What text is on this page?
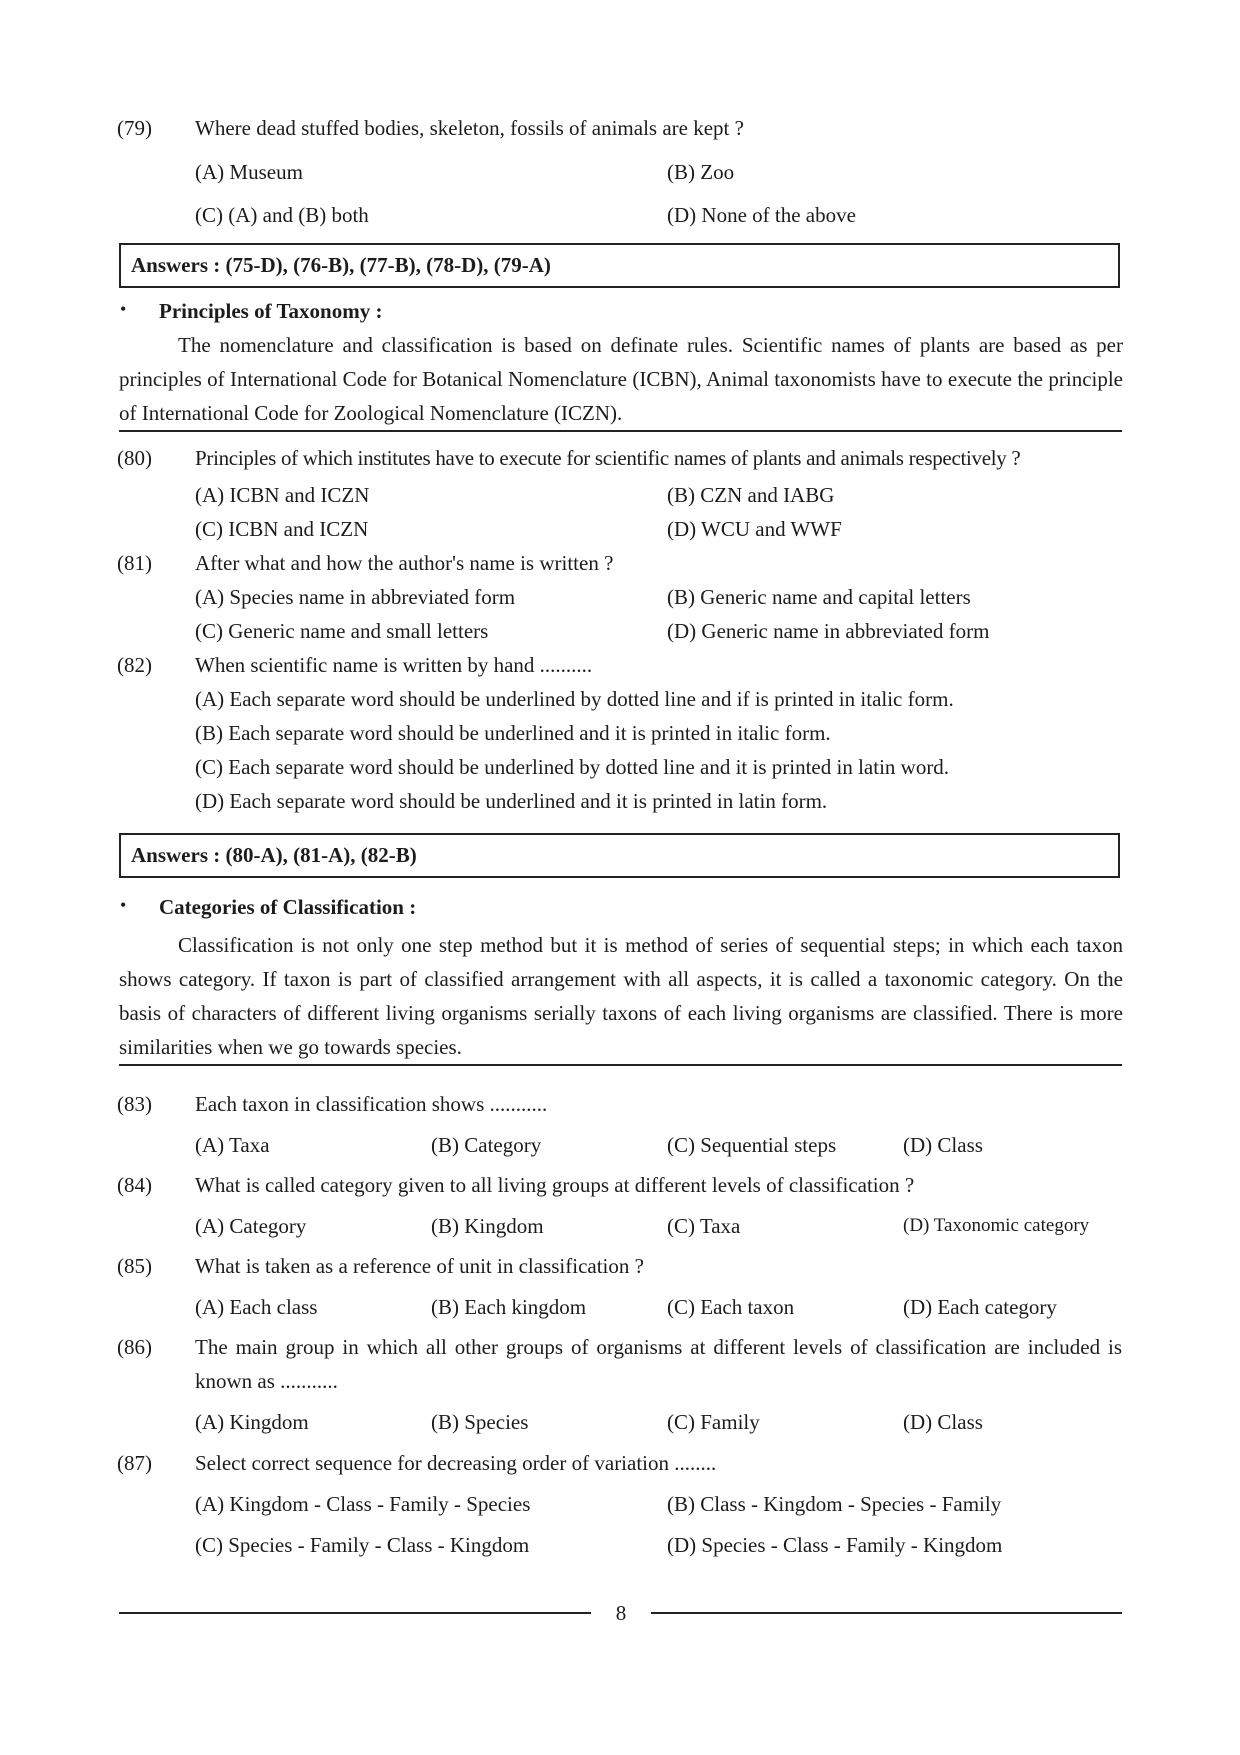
(79) Where dead stuffed bodies, skeleton, fossils of animals are kept ?
(A) Museum	(B) Zoo
(C) (A) and (B) both	(D) None of the above
Answers : (75-D), (76-B), (77-B), (78-D), (79-A)
• Principles of Taxonomy :
The nomenclature and classification is based on definate rules. Scientific names of plants are based as per principles of International Code for Botanical Nomenclature (ICBN), Animal taxonomists have to execute the principle of International Code for Zoological Nomenclature (ICZN).
(80) Principles of which institutes have to execute for scientific names of plants and animals respectively ?
(A) ICBN and ICZN	(B) CZN and IABG
(C) ICBN and ICZN	(D) WCU and WWF
(81) After what and how the author's name is written ?
(A) Species name in abbreviated form	(B) Generic name and capital letters
(C) Generic name and small letters	(D) Generic name in abbreviated form
(82) When scientific name is written by hand ..........
(A) Each separate word should be underlined by dotted line and if is printed in italic form.
(B) Each separate word should be underlined and it is printed in italic form.
(C) Each separate word should be underlined by dotted line and it is printed in latin word.
(D) Each separate word should be underlined and it is printed in latin form.
Answers : (80-A), (81-A), (82-B)
• Categories of Classification :
Classification is not only one step method but it is method of series of sequential steps; in which each taxon shows category. If taxon is part of classified arrangement with all aspects, it is called a taxonomic category. On the basis of characters of different living organisms serially taxons of each living organisms are classified. There is more similarities when we go towards species.
(83) Each taxon in classification shows ...........
(A) Taxa	(B) Category	(C) Sequential steps	(D) Class
(84) What is called category given to all living groups at different levels of classification ?
(A) Category	(B) Kingdom	(C) Taxa	(D) Taxonomic category
(85) What is taken as a reference of unit in classification ?
(A) Each class	(B) Each kingdom	(C) Each taxon	(D) Each category
(86) The main group in which all other groups of organisms at different levels of classification are included is known as ...........
(A) Kingdom	(B) Species	(C) Family	(D) Class
(87) Select correct sequence for decreasing order of variation ........
(A) Kingdom - Class - Family - Species	(B) Class - Kingdom - Species - Family
(C) Species - Family - Class - Kingdom	(D) Species - Class - Family - Kingdom
8
